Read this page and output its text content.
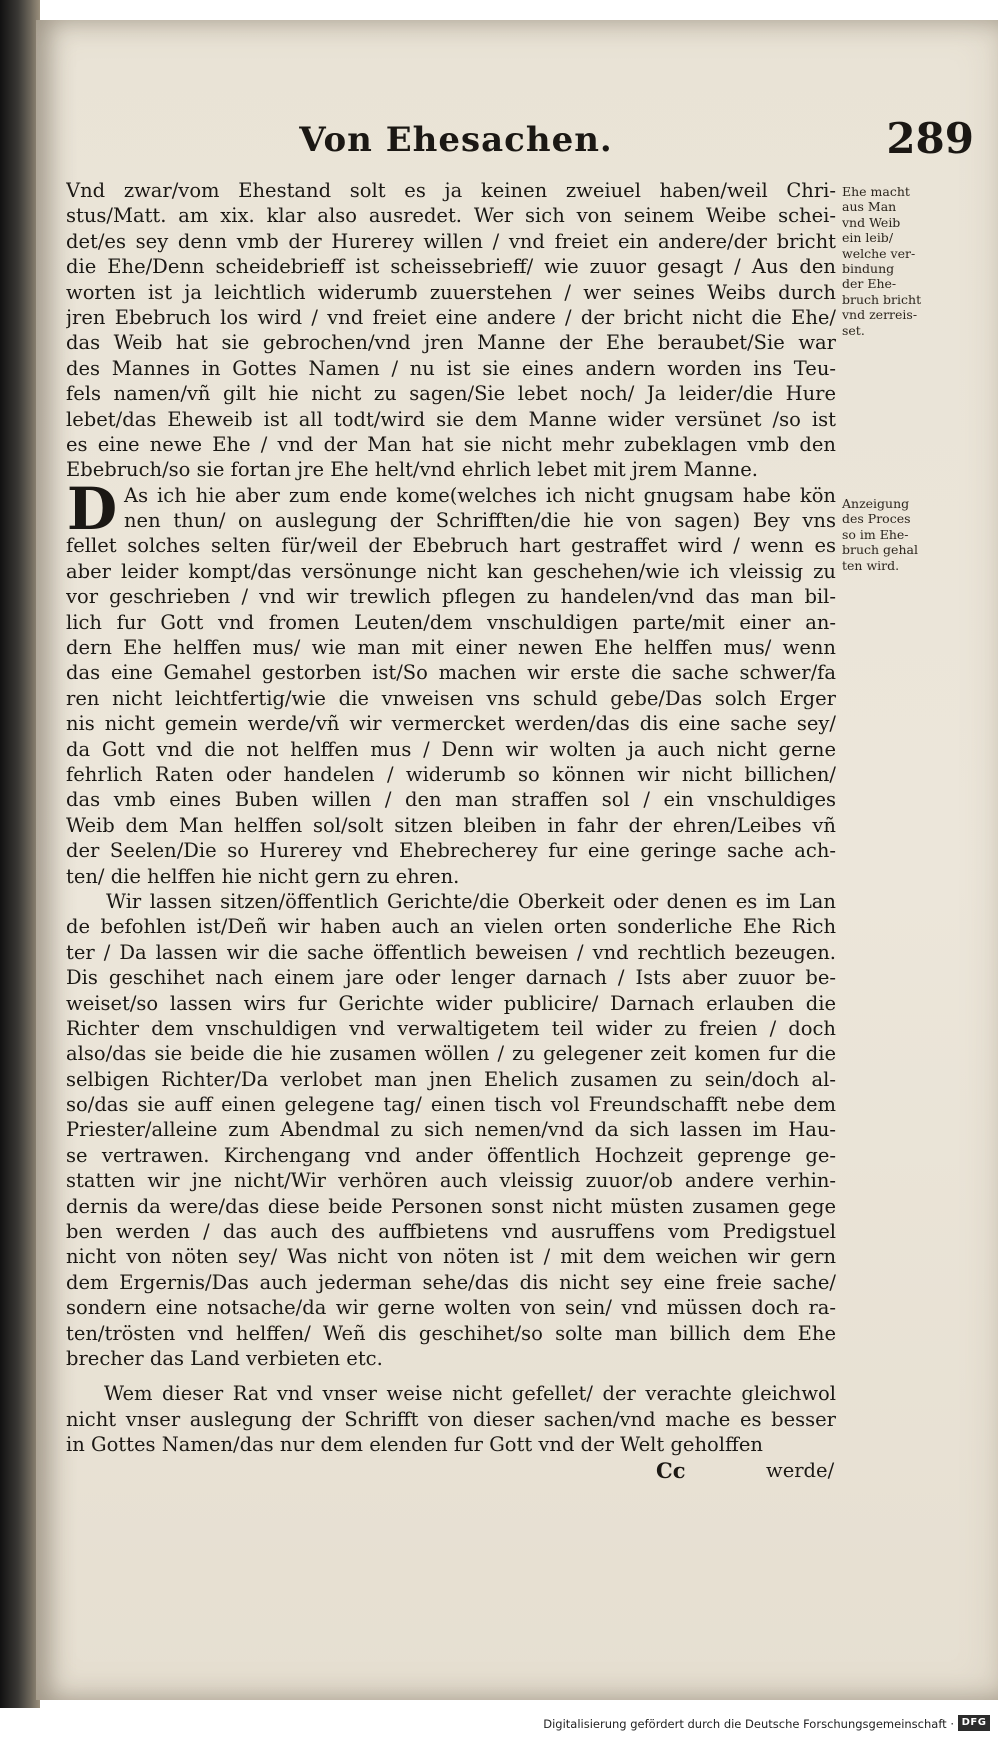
Von Ehesachen.	289
Vnd zwar/vom Ehestand solt es ja keinen zweiuel haben/weil Chri-
stus/Matt. am xix. klar also ausredet. Wer sich von seinem Weibe schei-
det/es sey denn vmb der Hurerey willen / vnd freiet ein andere/der bricht
die Ehe/Denn scheidebrieff ist scheissebrieff/ wie zuuor gesagt / Aus den
worten ist ja leichtlich widerumb zuuerstehen / wer seines Weibs durch
jren Ebebruch los wird / vnd freiet eine andere / der bricht nicht die Ehe/
das Weib hat sie gebrochen/vnd jren Manne der Ehe beraubet/Sie war
des Mannes in Gottes Namen / nu ist sie eines andern worden ins Teu-
fels namen/vñ gilt hie nicht zu sagen/Sie lebet noch/ Ja leider/die Hure
lebet/das Eheweib ist all todt/wird sie dem Manne wider versünet /so ist
es eine newe Ehe / vnd der Man hat sie nicht mehr zubeklagen vmb den
Ebebruch/so sie fortan jre Ehe helt/vnd ehrlich lebet mit jrem Manne.
D As ich hie aber zum ende kome(welches ich nicht gnugsam habe kön
nen thun/ on auslegung der Schrifften/die hie von sagen) Bey vns
fellet solches selten für/weil der Ebebruch hart gestraffet wird / wenn es
aber leider kompt/das versönunge nicht kan geschehen/wie ich vleissig zu
vor geschrieben / vnd wir trewlich pflegen zu handelen/vnd das man bil-
lich fur Gott vnd fromen Leuten/dem vnschuldigen parte/mit einer an-
dern Ehe helffen mus/ wie man mit einer newen Ehe helffen mus/ wenn
das eine Gemahel gestorben ist/So machen wir erste die sache schwer/fa
ren nicht leichtfertig/wie die vnweisen vns schuld gebe/Das solch Erger
nis nicht gemein werde/vñ wir vermercket werden/das dis eine sache sey/
da Gott vnd die not helffen mus / Denn wir wolten ja auch nicht gerne
fehrlich Raten oder handelen / widerumb so können wir nicht billichen/
das vmb eines Buben willen / den man straffen sol / ein vnschuldiges
Weib dem Man helffen sol/solt sitzen bleiben in fahr der ehren/Leibes vñ
der Seelen/Die so Hurerey vnd Ehebrecherey fur eine geringe sache ach-
ten/ die helffen hie nicht gern zu ehren.
Wir lassen sitzen/öffentlich Gerichte/die Oberkeit oder denen es im Lan
de befohlen ist/Deñ wir haben auch an vielen orten sonderliche Ehe Rich
ter / Da lassen wir die sache öffentlich beweisen / vnd rechtlich bezeugen.
Dis geschihet nach einem jare oder lenger darnach / Ists aber zuuor be-
weiset/so lassen wirs fur Gerichte wider publicire/ Darnach erlauben die
Richter dem vnschuldigen vnd verwaltigetem teil wider zu freien / doch
also/das sie beide die hie zusamen wöllen / zu gelegener zeit komen fur die
selbigen Richter/Da verlobet man jnen Ehelich zusamen zu sein/doch al-
so/das sie auff einen gelegene tag/ einen tisch vol Freundschafft nebe dem
Priester/alleine zum Abendmal zu sich nemen/vnd da sich lassen im Hau-
se vertrawen. Kirchengang vnd ander öffentlich Hochzeit geprenge ge-
statten wir jne nicht/Wir verhören auch vleissig zuuor/ob andere verhin-
dernis da were/das diese beide Personen sonst nicht müsten zusamen gege
ben werden / das auch des auffbietens vnd ausruffens vom Predigstuel
nicht von nöten sey/ Was nicht von nöten ist / mit dem weichen wir gern
dem Ergernis/Das auch jederman sehe/das dis nicht sey eine freie sache/
sondern eine notsache/da wir gerne wolten von sein/ vnd müssen doch ra-
ten/trösten vnd helffen/ Weñ dis geschihet/so solte man billich dem Ehe
brecher das Land verbieten etc.
Wem dieser Rat vnd vnser weise nicht gefellet/ der verachte gleichwol
nicht vnser auslegung der Schrifft von dieser sachen/vnd mache es besser
in Gottes Namen/das nur dem elenden fur Gott vnd der Welt geholffen
Cc	werde/
Ehe macht
aus Man
vnd Weib
ein leib/
welche ver-
bindung
der Ehe-
bruch bricht
vnd zerreis-
set.
Anzeigung
des Proces
so im Ehe-
bruch gehal
ten wird.
Digitalisierung gefördert durch die Deutsche Forschungsgemeinschaft · DFG
